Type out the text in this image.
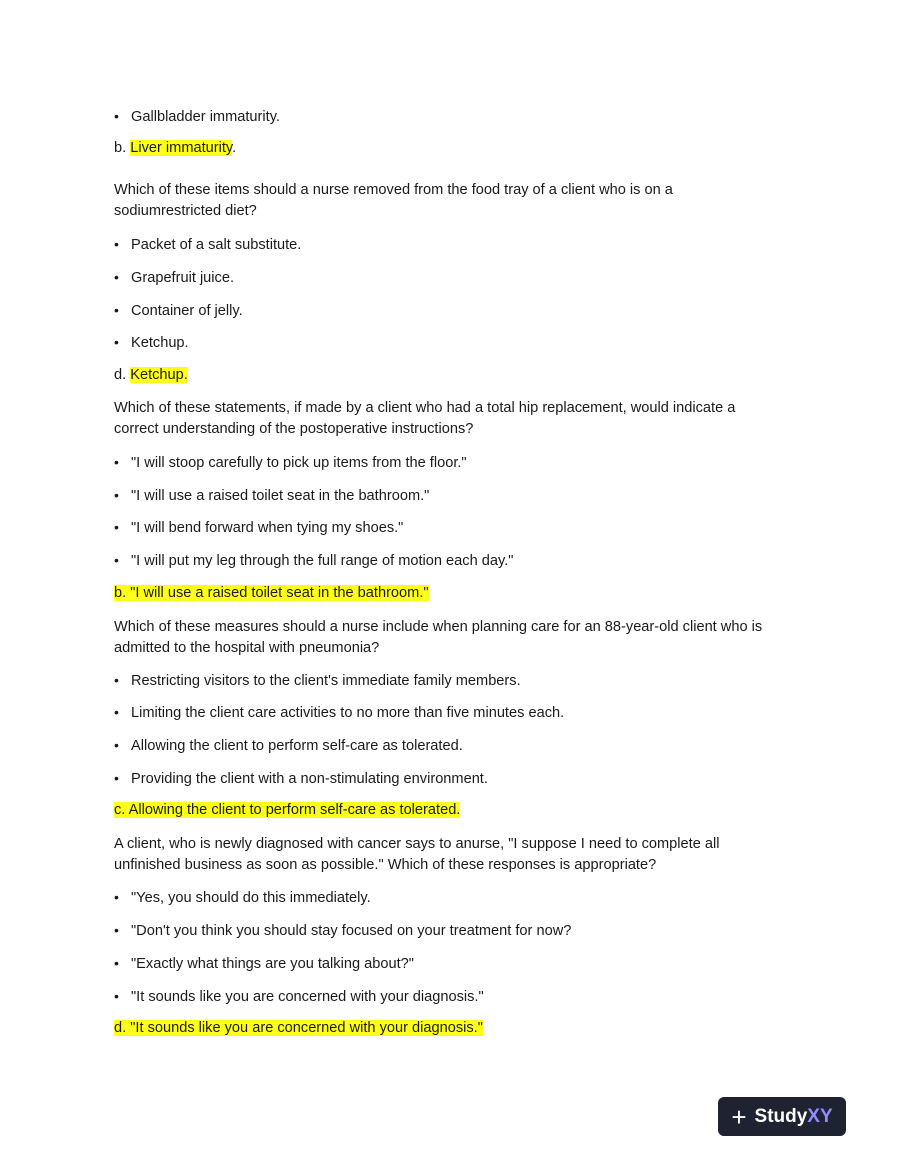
• Gallbladder immaturity.
b. Liver immaturity.
Which of these items should a nurse removed from the food tray of a client who is on a
sodiumrestricted diet?
• Packet of a salt substitute.
• Grapefruit juice.
• Container of jelly.
• Ketchup.
d. Ketchup.
Which of these statements, if made by a client who had a total hip replacement, would indicate a
correct understanding of the postoperative instructions?
• "I will stoop carefully to pick up items from the floor."
• "I will use a raised toilet seat in the bathroom."
• "I will bend forward when tying my shoes."
• "I will put my leg through the full range of motion each day."
b. "I will use a raised toilet seat in the bathroom."
Which of these measures should a nurse include when planning care for an 88-year-old client who is
admitted to the hospital with pneumonia?
• Restricting visitors to the client's immediate family members.
• Limiting the client care activities to no more than five minutes each.
• Allowing the client to perform self-care as tolerated.
• Providing the client with a non-stimulating environment.
c. Allowing the client to perform self-care as tolerated.
A client, who is newly diagnosed with cancer says to anurse, "I suppose I need to complete all
unfinished business as soon as possible." Which of these responses is appropriate?
• "Yes, you should do this immediately.
• "Don't you think you should stay focused on your treatment for now?
• "Exactly what things are you talking about?"
• "It sounds like you are concerned with your diagnosis."
d. "It sounds like you are concerned with your diagnosis."
+ StudyXY
